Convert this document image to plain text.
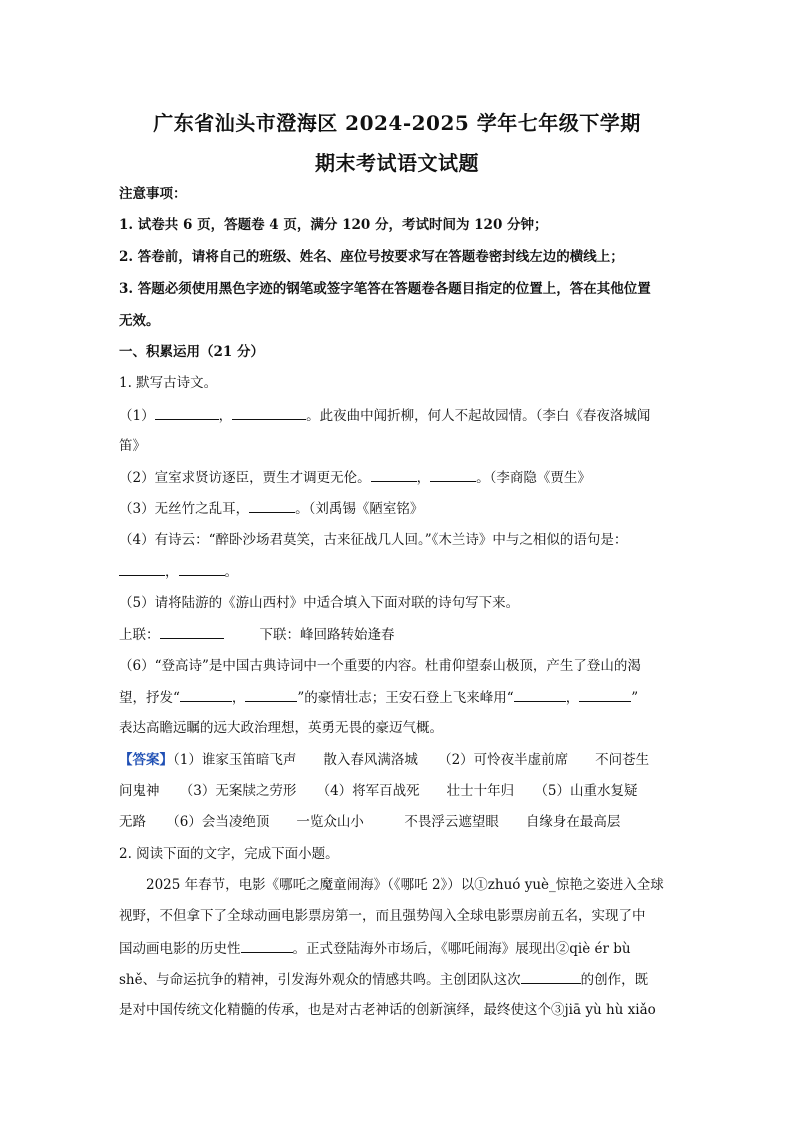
广东省汕头市澄海区 2024-2025 学年七年级下学期
期末考试语文试题
注意事项：
1. 试卷共 6 页，答题卷 4 页，满分 120 分，考试时间为 120 分钟；
2. 答卷前，请将自己的班级、姓名、座位号按要求写在答题卷密封线左边的横线上；
3. 答题必须使用黑色字迹的钢笔或签字笔答在答题卷各题目指定的位置上，答在其他位置
无效。
一、积累运用（21 分）
1. 默写古诗文。
（1）	，	。此夜曲中闻折柳，何人不起故园情。（李白《春夜洛城闻
笛》
（2）宣室求贤访逐臣，贾生才调更无伦。	，	。（李商隐《贾生》
（3）无丝竹之乱耳，	。（刘禹锡《陋室铭》
（4）有诗云：“醉卧沙场君莫笑，古来征战几人回。”《木兰诗》中与之相似的语句是：
，	。
（5）请将陆游的《游山西村》中适合填入下面对联的诗句写下来。
上联：	下联：峰回路转始逢春
（6）“登高诗”是中国古典诗词中一个重要的内容。杜甫仰望泰山极顶，产生了登山的渴
望，抒发“	，	”的豪情壮志；王安石登上飞来峰用“	，	”
表达高瞻远瞩的远大政治理想，英勇无畏的豪迈气概。
【答案】（1）谁家玉笛暗飞声　　散入春风满洛城　　（2）可怜夜半虚前席　　不问苍生
问鬼神　　（3）无案牍之劳形　　（4）将军百战死　　壮士十年归　　（5）山重水复疑
无路　　（6）会当凌绝顶　　一览众山小　　　不畏浮云遮望眼　　自缘身在最高层
2. 阅读下面的文字，完成下面小题。
　　2025 年春节，电影《哪吒之魔童闹海》（《哪吒 2》）以①zhuó yuè_惊艳之姿进入全球
视野，不但拿下了全球动画电影票房第一，而且强势闯入全球电影票房前五名，实现了中
国动画电影的历史性	。正式登陆海外市场后，《哪吒闹海》展现出②qiè ér bù
shě、与命运抗争的精神，引发海外观众的情感共鸣。主创团队这次	的创作，既
是对中国传统文化精髓的传承，也是对古老神话的创新演绎，最终使这个③jiā yù hù xiǎo
